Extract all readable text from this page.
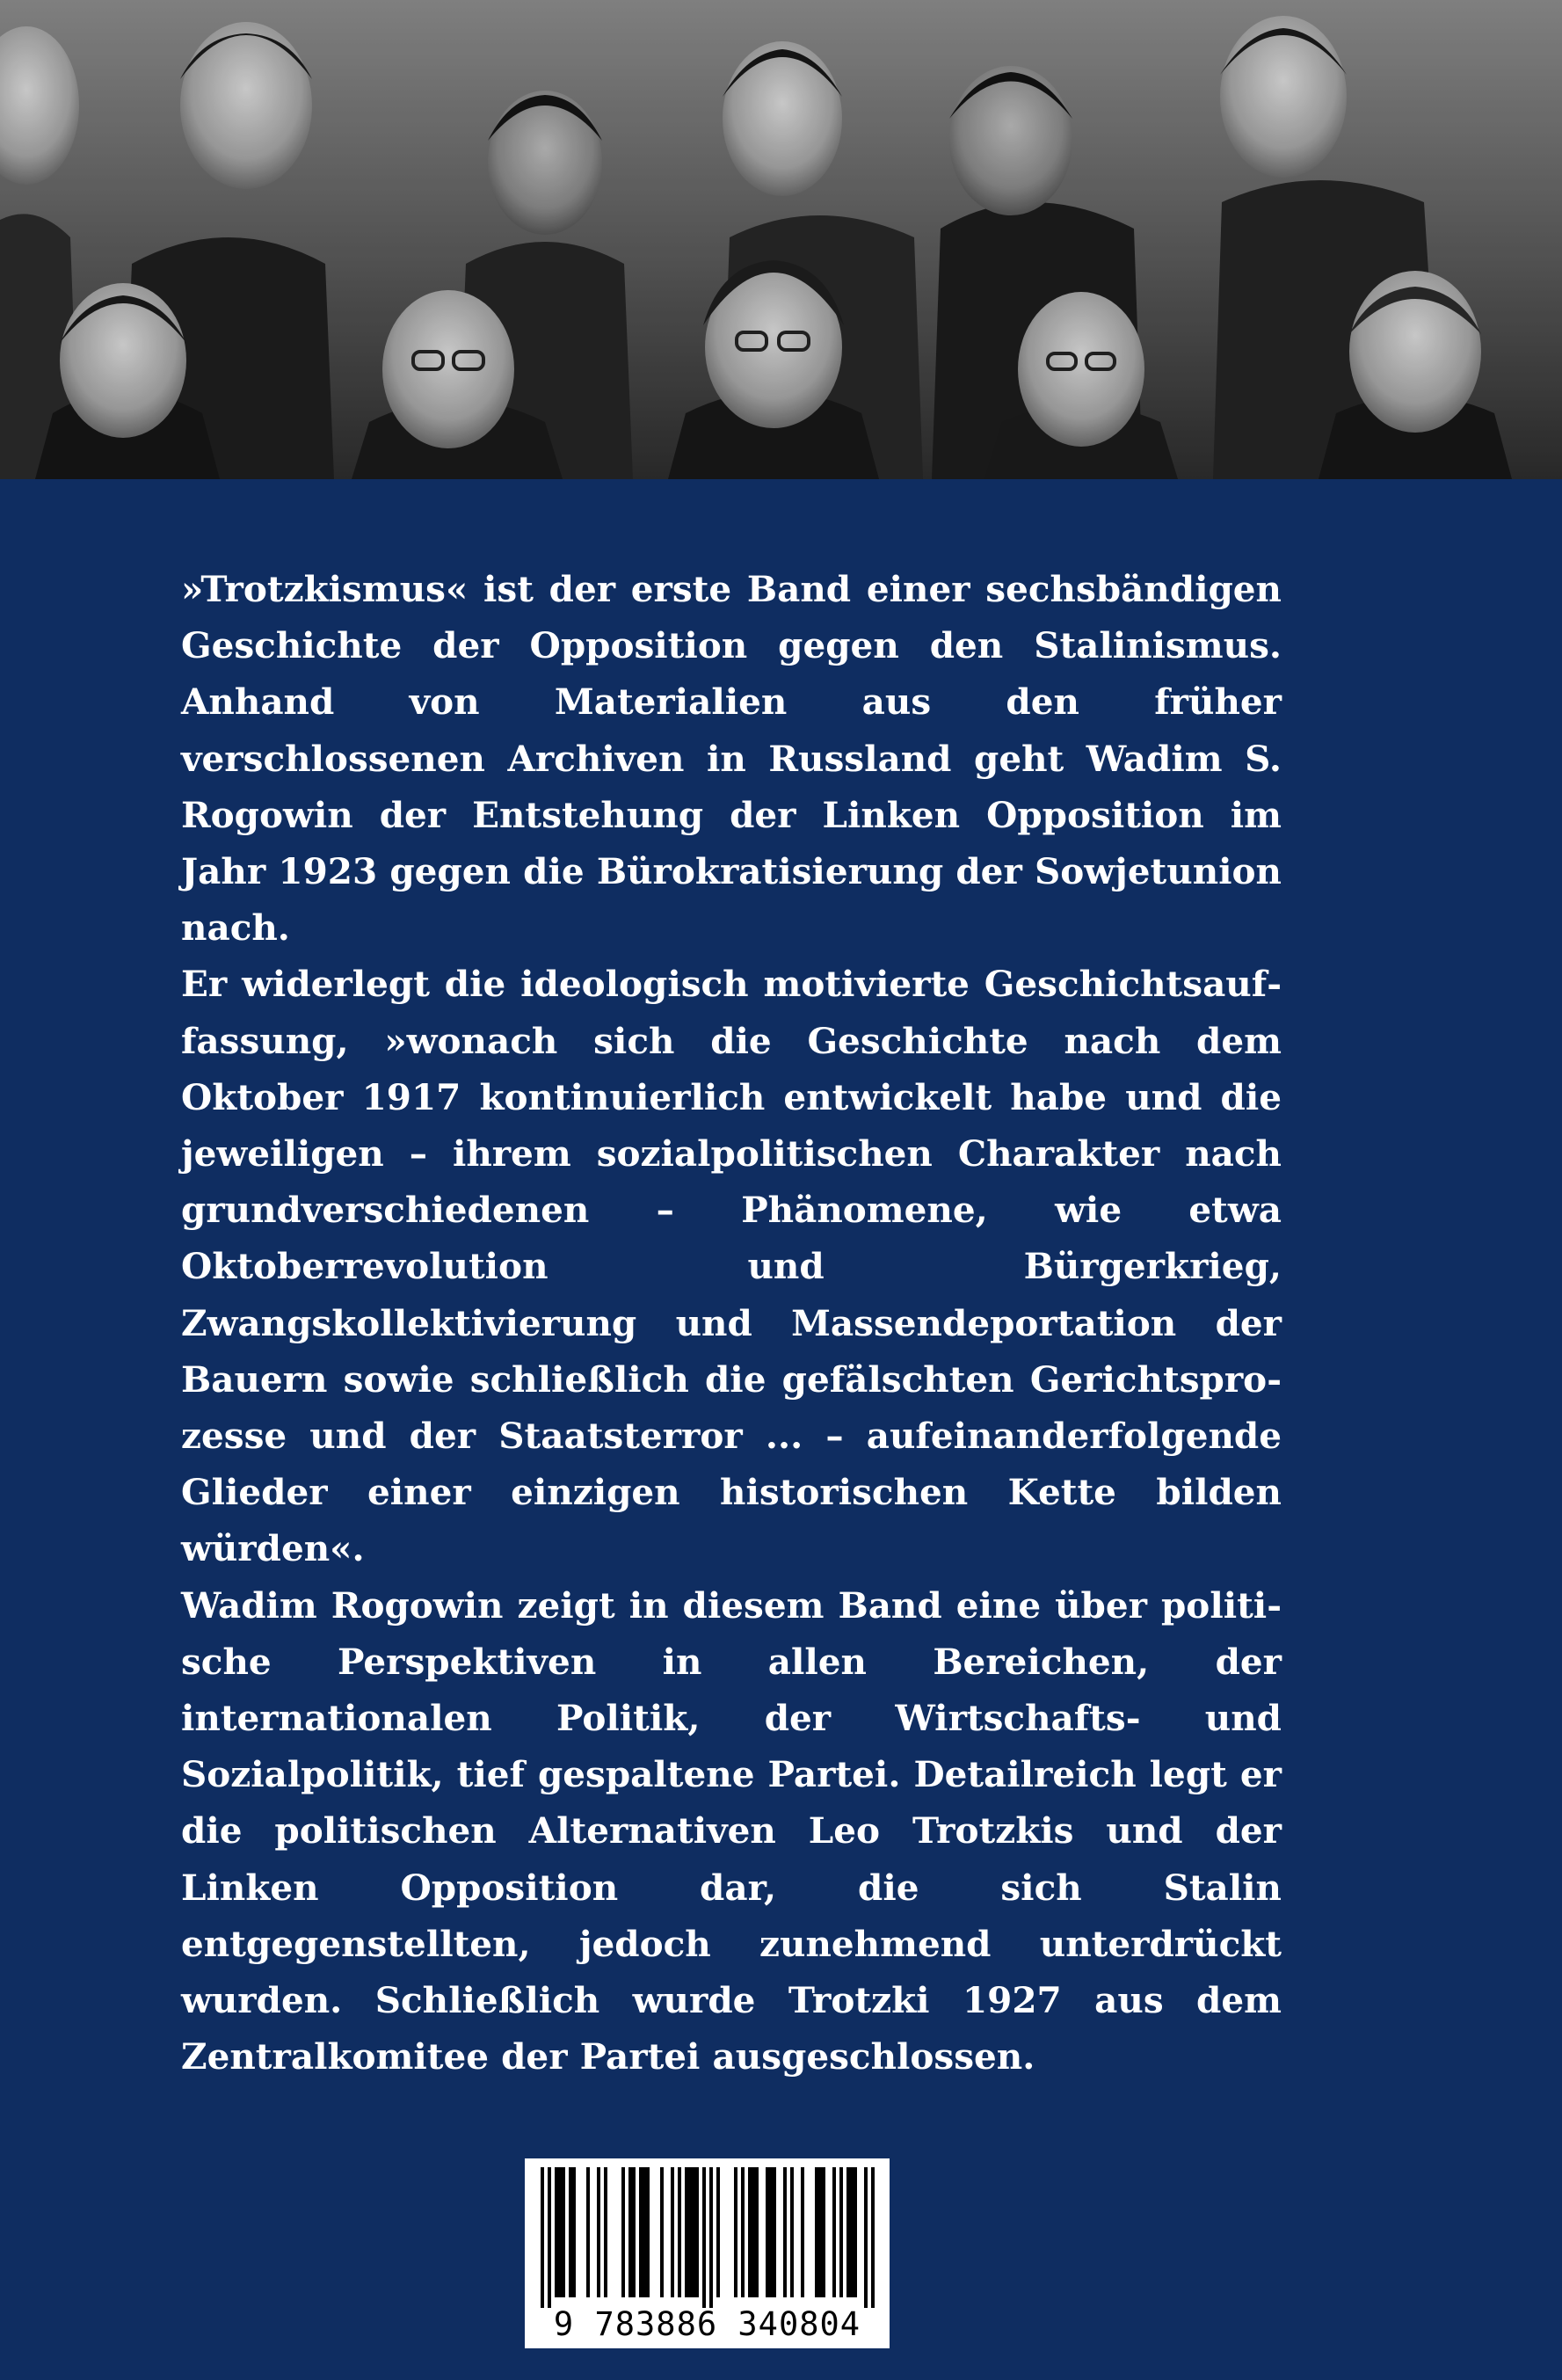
»Trotzkismus« ist der erste Band einer sechsbändigen Geschichte der Opposition gegen den Stalinismus. Anhand von Materialien aus den früher verschlossenen Archiven in Russland geht Wadim S. Rogowin der Entstehung der Linken Opposition im Jahr 1923 gegen die Bürokratisierung der Sowjetunion nach.

Er widerlegt die ideologisch motivierte Geschichtsauffassung, »wonach sich die Geschichte nach dem Oktober 1917 kontinuierlich entwickelt habe und die jeweiligen – ihrem sozialpolitischen Charakter nach grundverschiedenen – Phänomene, wie etwa Oktoberrevolution und Bürgerkrieg, Zwangskollektivierung und Massendeportation der Bauern sowie schließlich die gefälschten Gerichtsprozesse und der Staatsterror ... – aufeinanderfolgende Glieder einer einzigen historischen Kette bilden würden«.

Wadim Rogowin zeigt in diesem Band eine über politische Perspektiven in allen Bereichen, der internationalen Politik, der Wirtschafts- und Sozialpolitik, tief gespaltene Partei. Detailreich legt er die politischen Alternativen Leo Trotzkis und der Linken Opposition dar, die sich Stalin entgegenstellten, jedoch zunehmend unterdrückt wurden. Schließlich wurde Trotzki 1927 aus dem Zentralkomitee der Partei ausgeschlossen.

9 783886 340804
